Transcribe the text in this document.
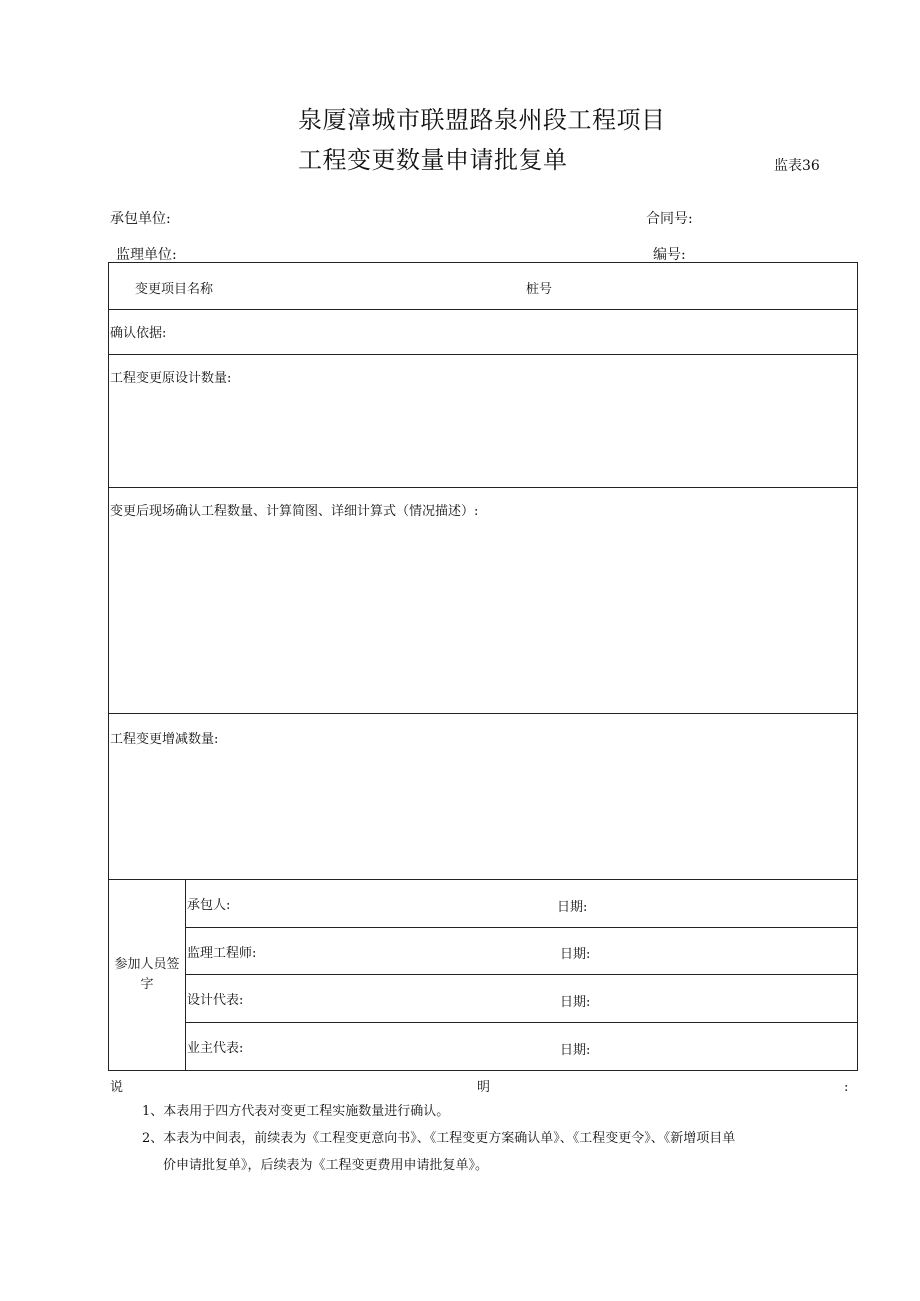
泉厦漳城市联盟路泉州段工程项目
工程变更数量申请批复单	监表36
承包单位:	合同号:
监理单位:	编号:
变更项目名称	桩号

确认依据:
工程变更原设计数量:
变更后现场确认工程数量、计算简图、详细计算式（情况描述）:
工程变更增减数量:
参加人员签字	承包人:	日期:

监理工程师:	日期:

设计代表:	日期:

业主代表:	日期:
说	明	:
1、本表用于四方代表对变更工程实施数量进行确认。
2、本表为中间表，前续表为《工程变更意向书》、《工程变更方案确认单》、《工程变更令》、《新增项目单
价申请批复单》，后续表为《工程变更费用申请批复单》。
